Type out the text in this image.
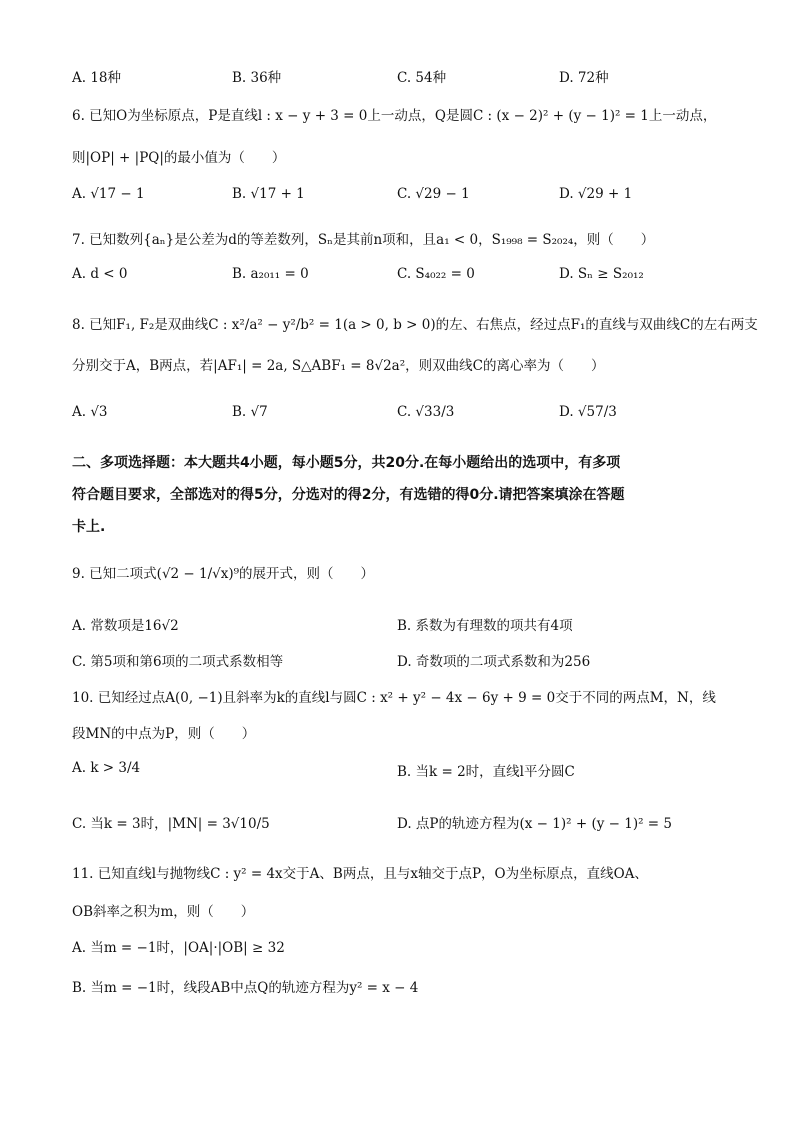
A. 18种	B. 36种	C. 54种	D. 72种
6. 已知O为坐标原点，P是直线l : x − y + 3 = 0上一动点，Q是圆C : (x − 2)² + (y − 1)² = 1上一动点，
则|OP| + |PQ|的最小值为（　　）
A. √17 − 1	B. √17 + 1	C. √29 − 1	D. √29 + 1
7. 已知数列{aₙ}是公差为d的等差数列，Sₙ是其前n项和，且a₁ < 0，S₁₉₉₈ = S₂₀₂₄，则（　　）
A. d < 0	B. a₂₀₁₁ = 0	C. S₄₀₂₂ = 0	D. Sₙ ≥ S₂₀₁₂
8. 已知F₁, F₂是双曲线C : x²/a² − y²/b² = 1(a > 0, b > 0)的左、右焦点，经过点F₁的直线与双曲线C的左右两支
分别交于A，B两点，若|AF₁| = 2a, S△ABF₁ = 8√2a²，则双曲线C的离心率为（　　）
A. √3	B. √7	C. √33/3	D. √57/3
二、多项选择题：本大题共4小题，每小题5分，共20分.在每小题给出的选项中，有多项
符合题目要求，全部选对的得5分，分选对的得2分，有选错的得0分.请把答案填涂在答题
卡上.
9. 已知二项式(√2 − 1/√x)⁹的展开式，则（　　）
A. 常数项是16√2	B. 系数为有理数的项共有4项
C. 第5项和第6项的二项式系数相等	D. 奇数项的二项式系数和为256
10. 已知经过点A(0, −1)且斜率为k的直线l与圆C : x² + y² − 4x − 6y + 9 = 0交于不同的两点M，N，线
段MN的中点为P，则（　　）
A. k > 3/4	B. 当k = 2时，直线l平分圆C
C. 当k = 3时，|MN| = 3√10/5	D. 点P的轨迹方程为(x − 1)² + (y − 1)² = 5
11. 已知直线l与抛物线C : y² = 4x交于A、B两点，且与x轴交于点P，O为坐标原点，直线OA、
OB斜率之积为m，则（　　）
A. 当m = −1时，|OA|·|OB| ≥ 32
B. 当m = −1时，线段AB中点Q的轨迹方程为y² = x − 4
